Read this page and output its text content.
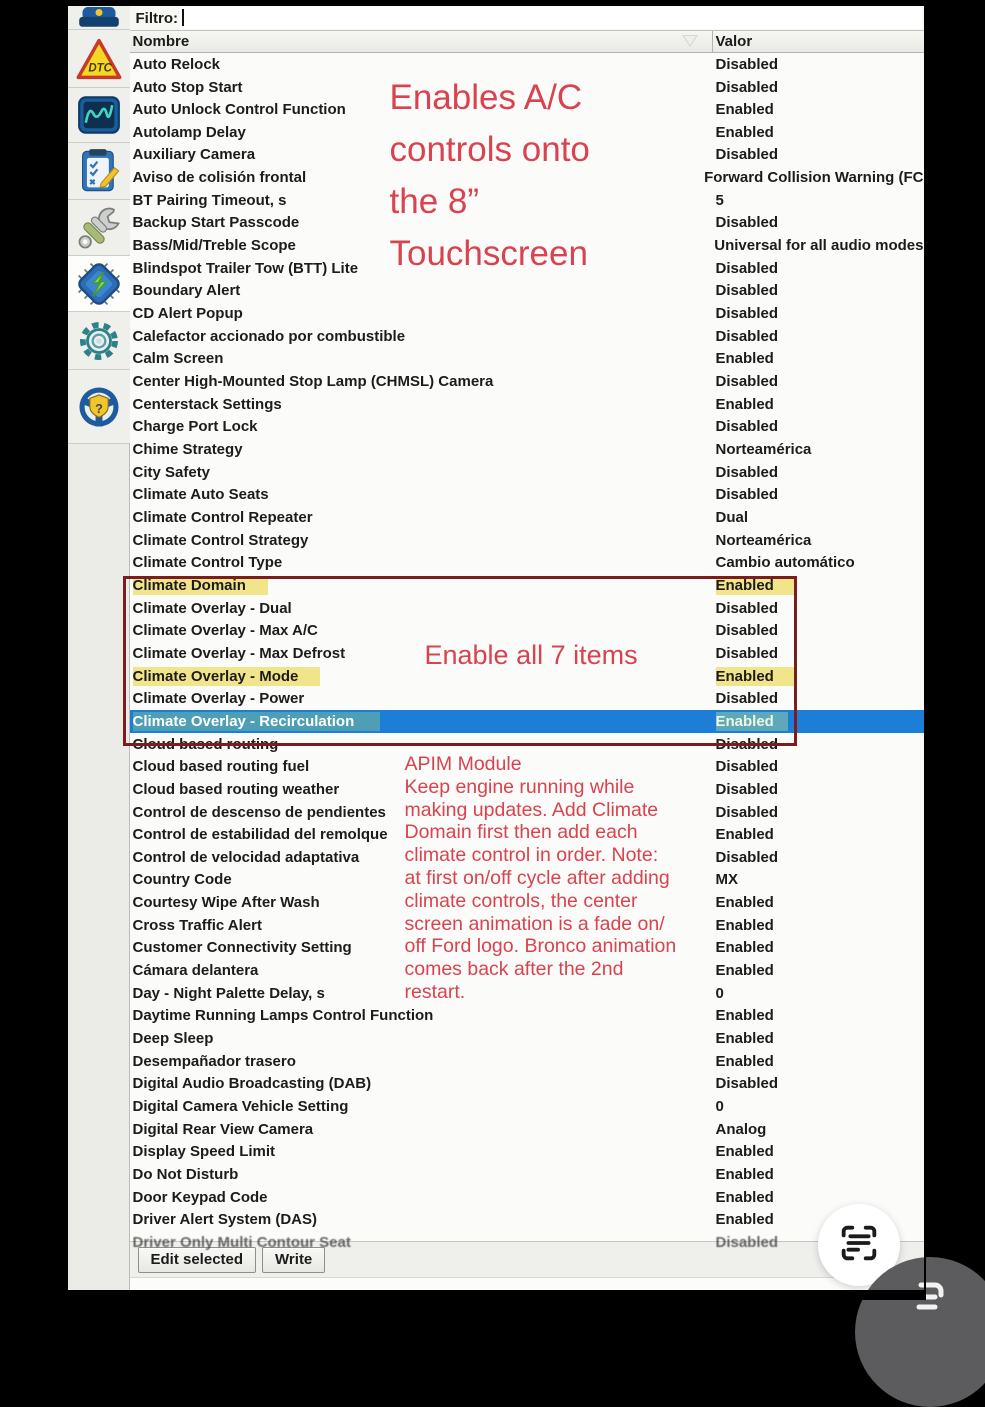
DTC
?
Filtro:
Nombre	Valor
Auto Relock	Disabled
Auto Stop Start	Disabled
Auto Unlock Control Function	Enabled
Autolamp Delay	Enabled
Auxiliary Camera	Disabled
Aviso de colisión frontal	Forward Collision Warning (FC
BT Pairing Timeout, s	5
Backup Start Passcode	Disabled
Bass/Mid/Treble Scope	Universal for all audio modes
Blindspot Trailer Tow (BTT) Lite	Disabled
Boundary Alert	Disabled
CD Alert Popup	Disabled
Calefactor accionado por combustible	Disabled
Calm Screen	Enabled
Center High-Mounted Stop Lamp (CHMSL) Camera	Disabled
Centerstack Settings	Enabled
Charge Port Lock	Disabled
Chime Strategy	Norteamérica
City Safety	Disabled
Climate Auto Seats	Disabled
Climate Control Repeater	Dual
Climate Control Strategy	Norteamérica
Climate Control Type	Cambio automático
Climate Domain	Enabled
Climate Overlay - Dual	Disabled
Climate Overlay - Max A/C	Disabled
Climate Overlay - Max Defrost	Disabled
Climate Overlay - Mode	Enabled
Climate Overlay - Power	Disabled
Climate Overlay - Recirculation	Enabled
Cloud based routing	Disabled
Cloud based routing fuel	Disabled
Cloud based routing weather	Disabled
Control de descenso de pendientes	Disabled
Control de estabilidad del remolque	Enabled
Control de velocidad adaptativa	Disabled
Country Code	MX
Courtesy Wipe After Wash	Enabled
Cross Traffic Alert	Enabled
Customer Connectivity Setting	Enabled
Cámara delantera	Enabled
Day - Night Palette Delay, s	0
Daytime Running Lamps Control Function	Enabled
Deep Sleep	Enabled
Desempañador trasero	Enabled
Digital Audio Broadcasting (DAB)	Disabled
Digital Camera Vehicle Setting	0
Digital Rear View Camera	Analog
Display Speed Limit	Enabled
Do Not Disturb	Enabled
Door Keypad Code	Enabled
Driver Alert System (DAS)	Enabled
Driver Only Multi Contour Seat	Disabled
Edit selected	Write
Enables A/C
controls onto
the 8”
Touchscreen
Enable all 7 items
APIM Module
Keep engine running while
making updates. Add Climate
Domain first then add each
climate control in order. Note:
at first on/off cycle after adding
climate controls, the center
screen animation is a fade on/
off Ford logo. Bronco animation
comes back after the 2nd
restart.
